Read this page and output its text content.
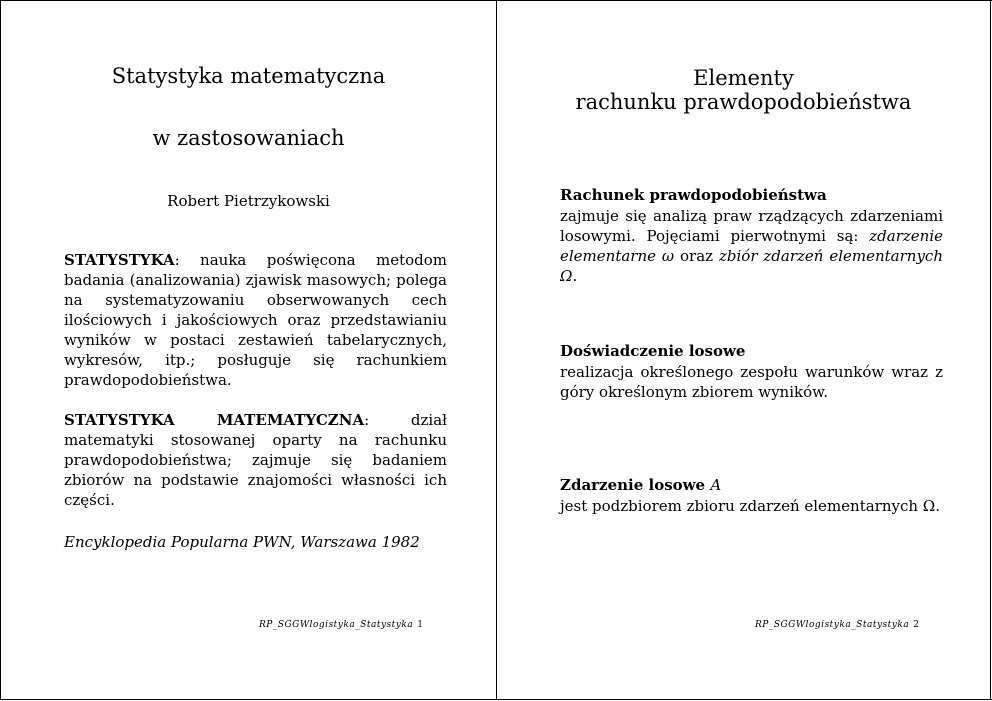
Statystyka matematyczna
w zastosowaniach
Robert Pietrzykowski

STATYSTYKA: nauka poświęcona metodom badania (analizowania) zjawisk masowych; polega na systematyzowaniu obserwowanych cech ilościowych i jakościowych oraz przedstawianiu wyników w postaci zestawień tabelarycznych, wykresów, itp.; posługuje się rachunkiem prawdopodobieństwa.

STATYSTYKA MATEMATYCZNA: dział matematyki stosowanej oparty na rachunku prawdopodobieństwa; zajmuje się badaniem zbiorów na podstawie znajomości własności ich części.

Encyklopedia Popularna PWN, Warszawa 1982

RP_SGGWlogistyka_Statystyka 1
Elementy
rachunku prawdopodobieństwa
Rachunek prawdopodobieństwa

zajmuje się analizą praw rządzących zdarzeniami losowymi. Pojęciami pierwotnymi są: zdarzenie elementarne ω oraz zbiór zdarzeń elementarnych Ω.

Doświadczenie losowe

realizacja określonego zespołu warunków wraz z góry określonym zbiorem wyników.

Zdarzenie losowe A

jest podzbiorem zbioru zdarzeń elementarnych Ω.

RP_SGGWlogistyka_Statystyka 2
